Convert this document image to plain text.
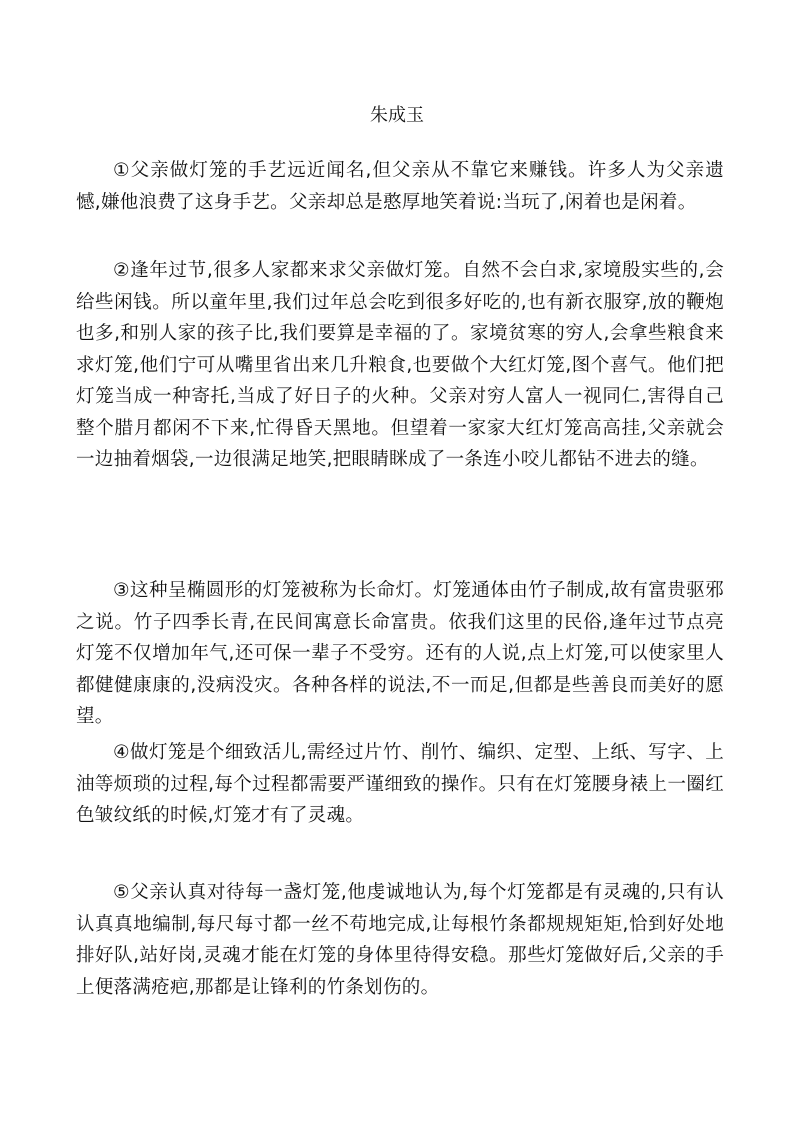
朱成玉

①父亲做灯笼的手艺远近闻名,但父亲从不靠它来赚钱。许多人为父亲遗憾,嫌他浪费了这身手艺。父亲却总是憨厚地笑着说:当玩了,闲着也是闲着。

②逢年过节,很多人家都来求父亲做灯笼。自然不会白求,家境殷实些的,会给些闲钱。所以童年里,我们过年总会吃到很多好吃的,也有新衣服穿,放的鞭炮也多,和别人家的孩子比,我们要算是幸福的了。家境贫寒的穷人,会拿些粮食来求灯笼,他们宁可从嘴里省出来几升粮食,也要做个大红灯笼,图个喜气。他们把灯笼当成一种寄托,当成了好日子的火种。父亲对穷人富人一视同仁,害得自己整个腊月都闲不下来,忙得昏天黑地。但望着一家家大红灯笼高高挂,父亲就会一边抽着烟袋,一边很满足地笑,把眼睛眯成了一条连小咬儿都钻不进去的缝。

③这种呈椭圆形的灯笼被称为长命灯。灯笼通体由竹子制成,故有富贵驱邪之说。竹子四季长青,在民间寓意长命富贵。依我们这里的民俗,逢年过节点亮灯笼不仅增加年气,还可保一辈子不受穷。还有的人说,点上灯笼,可以使家里人都健健康康的,没病没灾。各种各样的说法,不一而足,但都是些善良而美好的愿望。

④做灯笼是个细致活儿,需经过片竹、削竹、编织、定型、上纸、写字、上油等烦琐的过程,每个过程都需要严谨细致的操作。只有在灯笼腰身裱上一圈红色皱纹纸的时候,灯笼才有了灵魂。

⑤父亲认真对待每一盏灯笼,他虔诚地认为,每个灯笼都是有灵魂的,只有认认真真地编制,每尺每寸都一丝不苟地完成,让每根竹条都规规矩矩,恰到好处地排好队,站好岗,灵魂才能在灯笼的身体里待得安稳。那些灯笼做好后,父亲的手上便落满疮疤,那都是让锋利的竹条划伤的。
